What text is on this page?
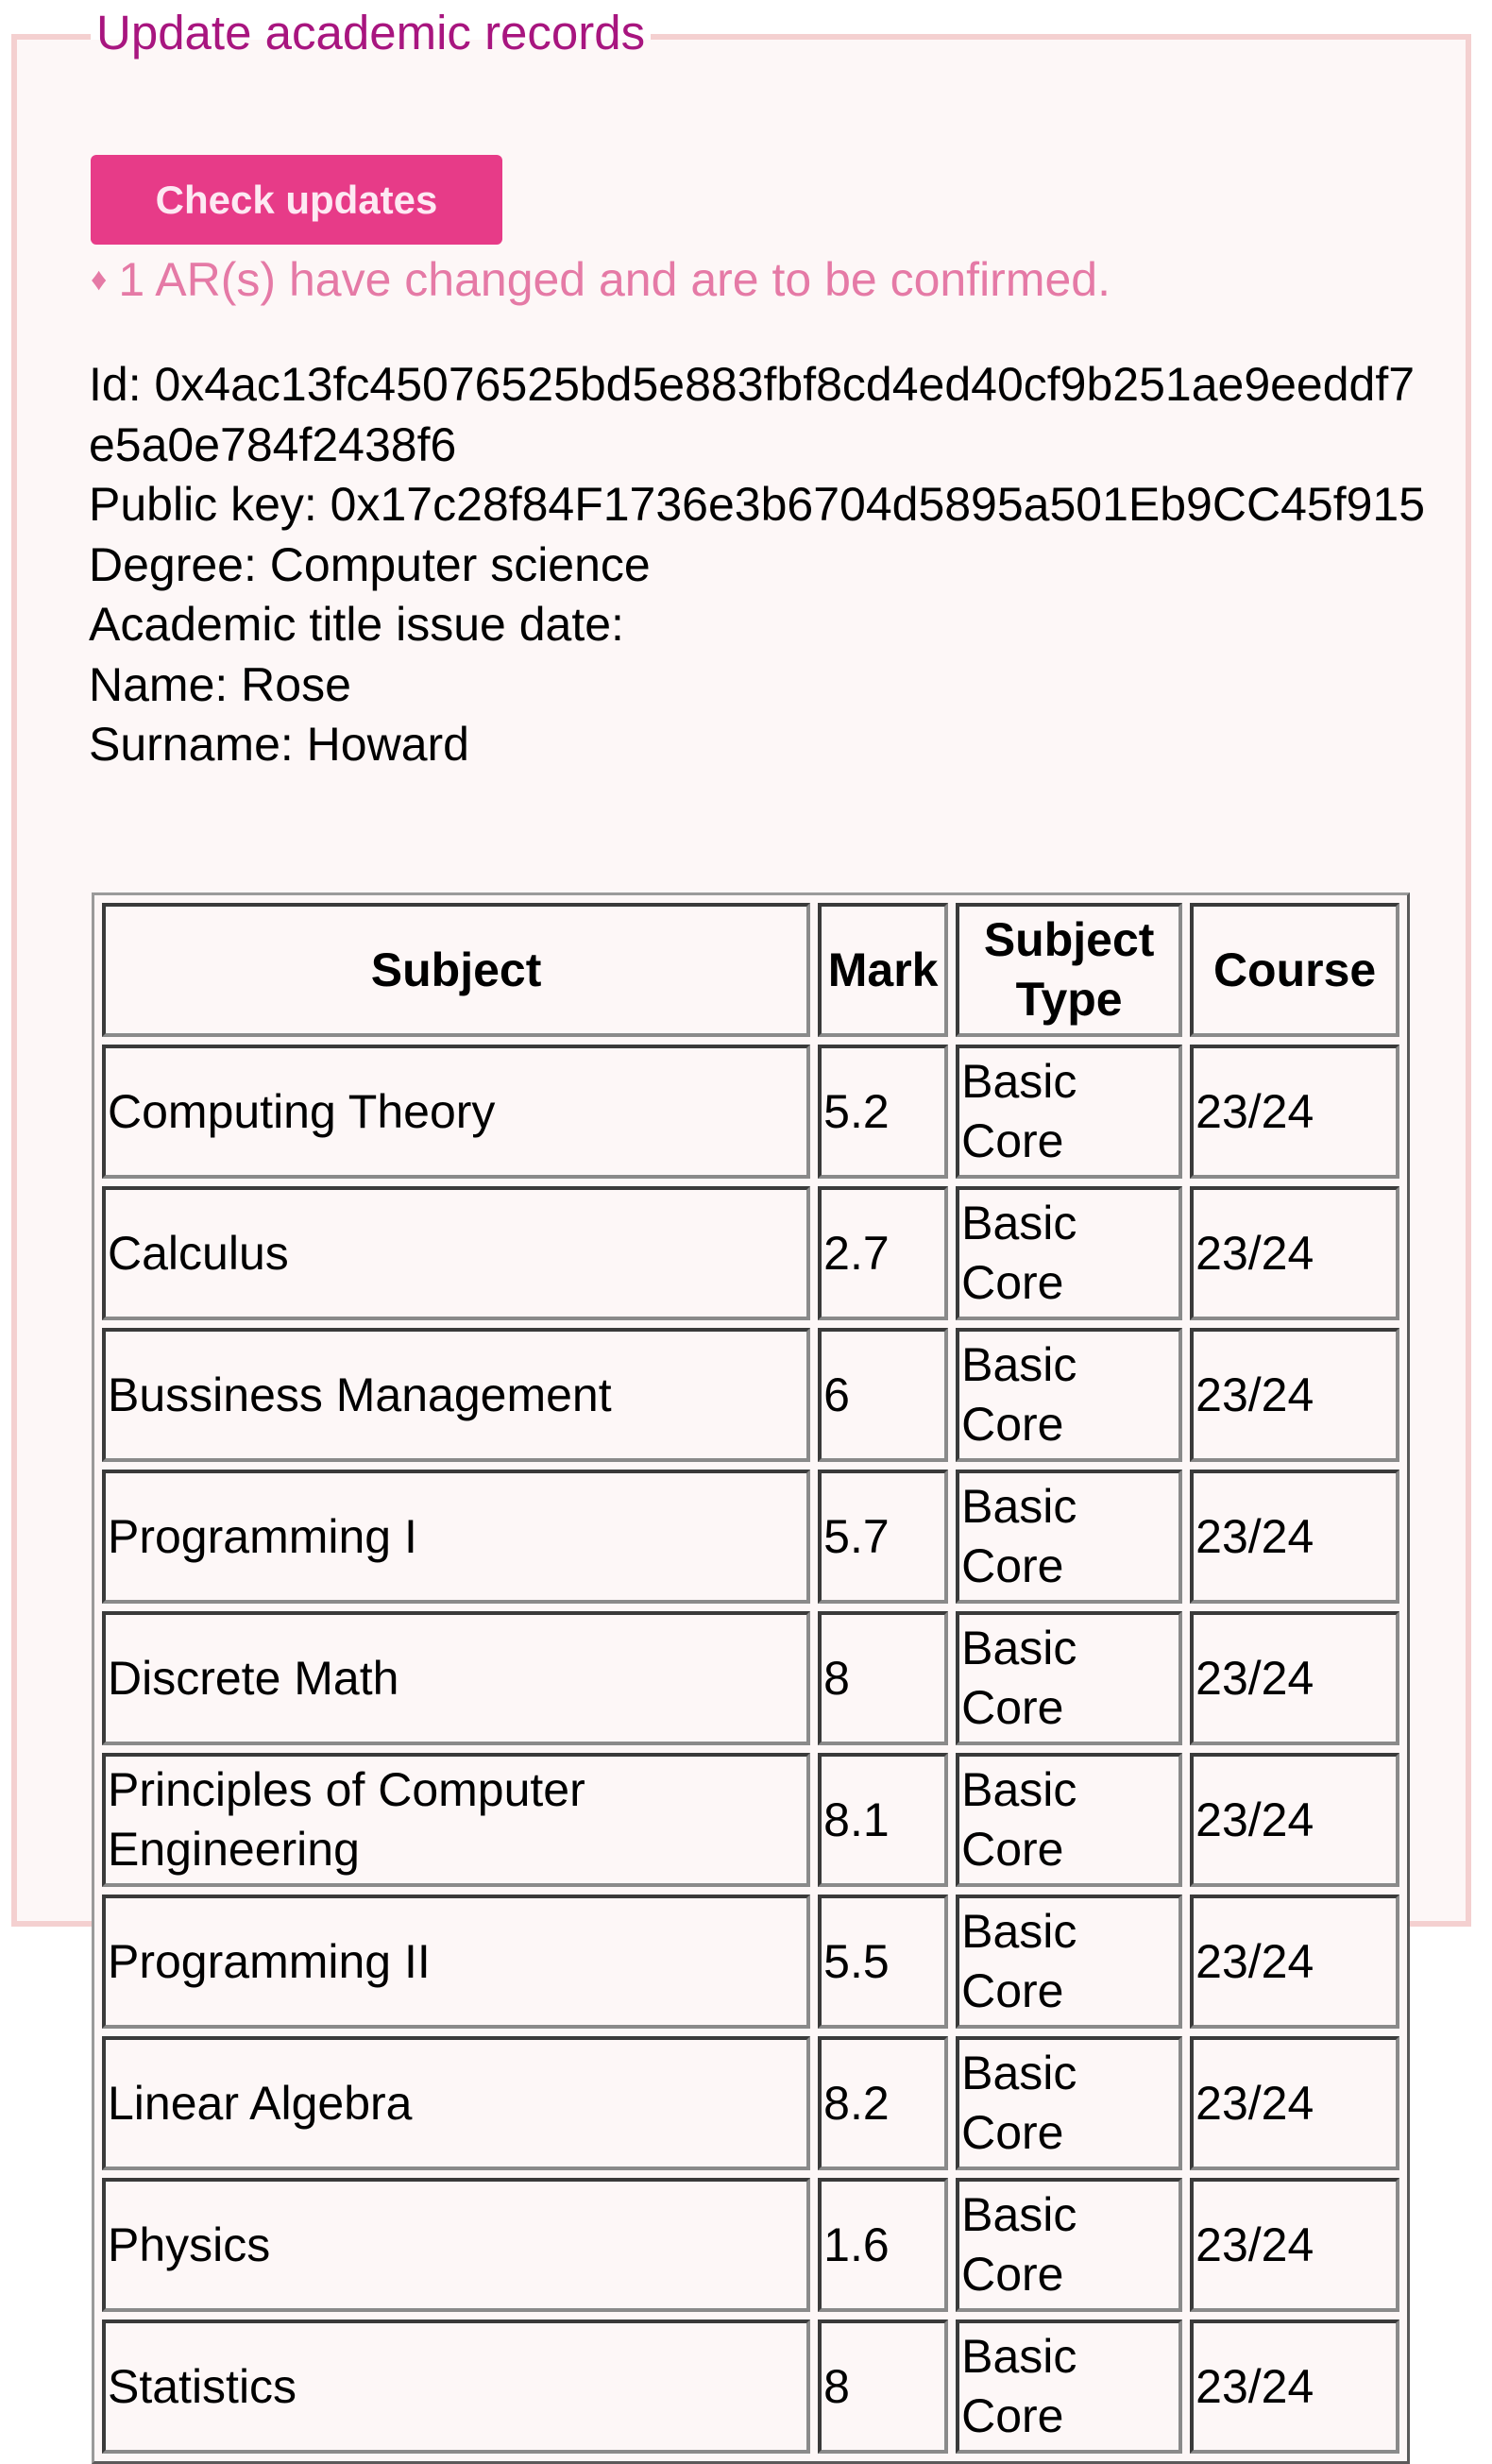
Update academic records
Check updates
♦ 1 AR(s) have changed and are to be confirmed.
Id: 0x4ac13fc45076525bd5e883fbf8cd4ed40cf9b251ae9eeddf7e5a0e784f2438f6
Public key: 0x17c28f84F1736e3b6704d5895a501Eb9CC45f915
Degree: Computer science
Academic title issue date:
Name: Rose
Surname: Howard
Subject	Mark	Subject Type	Course
Computing Theory	5.2	Basic Core	23/24
Calculus	2.7	Basic Core	23/24
Bussiness Management	6	Basic Core	23/24
Programming I	5.7	Basic Core	23/24
Discrete Math	8	Basic Core	23/24
Principles of Computer Engineering	8.1	Basic Core	23/24
Programming II	5.5	Basic Core	23/24
Linear Algebra	8.2	Basic Core	23/24
Physics	1.6	Basic Core	23/24
Statistics	8	Basic Core	23/24
